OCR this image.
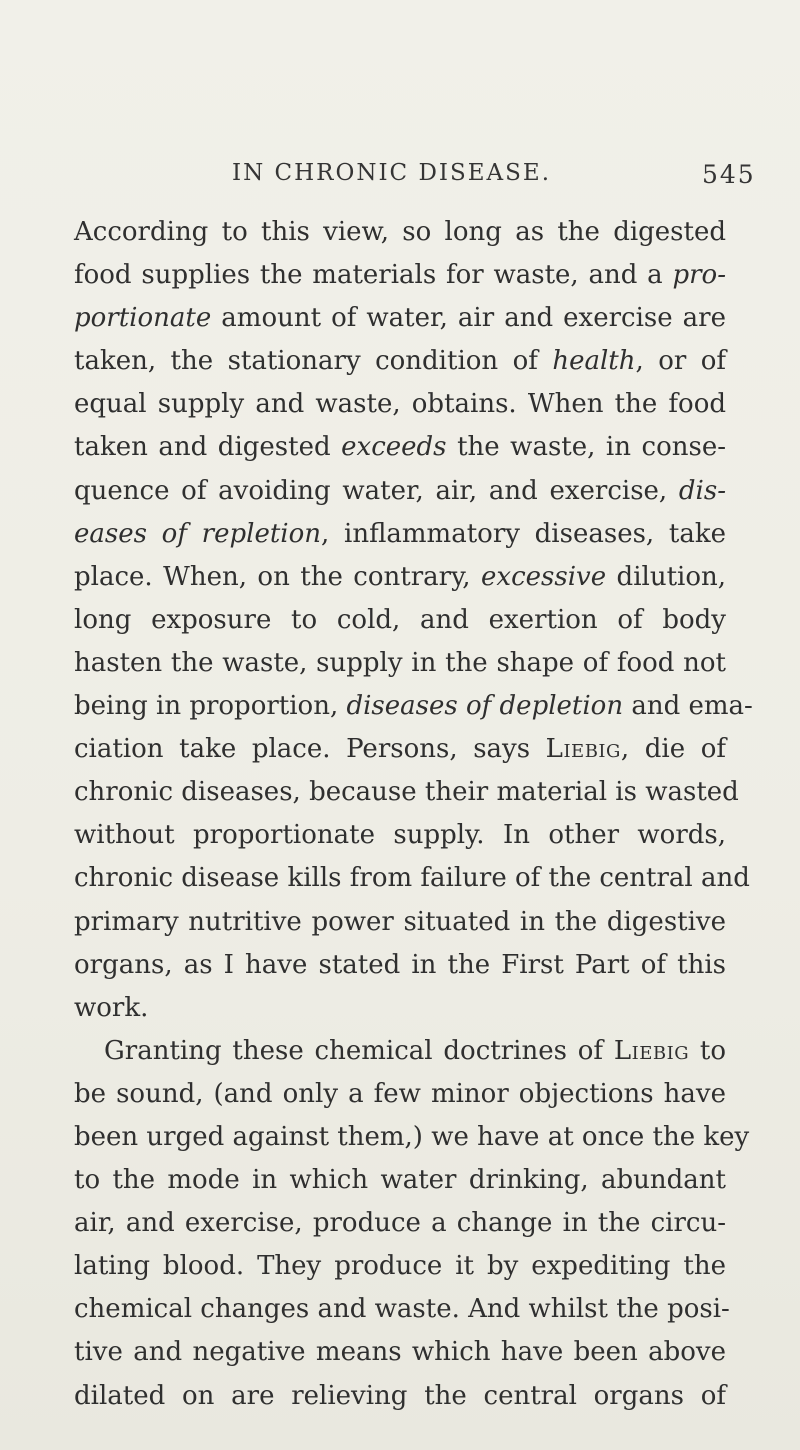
IN CHRONIC DISEASE.	545
According to this view, so long as the digested
food supplies the materials for waste, and a pro-
portionate amount of water, air and exercise are
taken, the stationary condition of health, or of
equal supply and waste, obtains. When the food
taken and digested exceeds the waste, in conse-
quence of avoiding water, air, and exercise, dis-
eases of repletion, inflammatory diseases, take
place. When, on the contrary, excessive dilution,
long exposure to cold, and exertion of body
hasten the waste, supply in the shape of food not
being in proportion, diseases of depletion and ema-
ciation take place. Persons, says Liebig, die of
chronic diseases, because their material is wasted
without proportionate supply. In other words,
chronic disease kills from failure of the central and
primary nutritive power situated in the digestive
organs, as I have stated in the First Part of this
work.
Granting these chemical doctrines of Liebig to
be sound, (and only a few minor objections have
been urged against them,) we have at once the key
to the mode in which water drinking, abundant
air, and exercise, produce a change in the circu-
lating blood. They produce it by expediting the
chemical changes and waste. And whilst the posi-
tive and negative means which have been above
dilated on are relieving the central organs of
